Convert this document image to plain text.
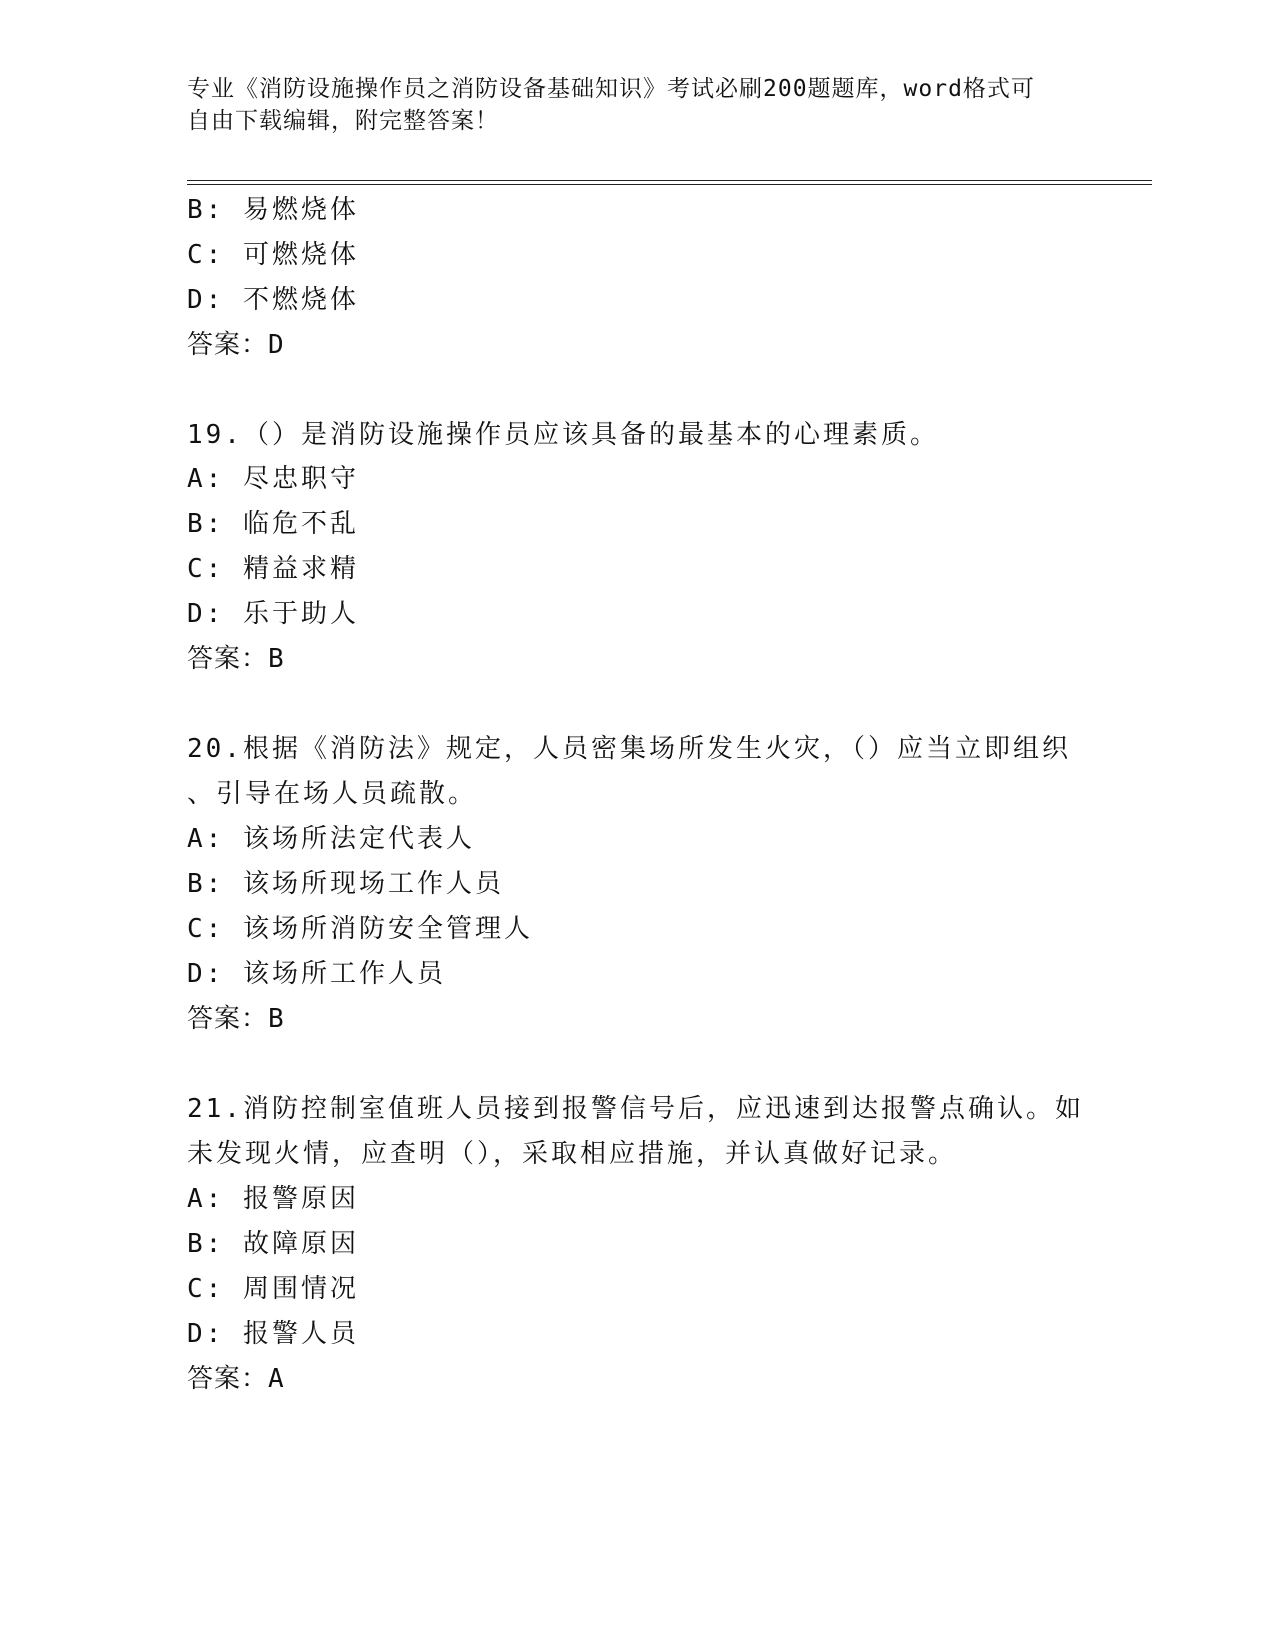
专业《消防设施操作员之消防设备基础知识》考试必刷200题题库，word格式可
自由下载编辑，附完整答案！
B: 易燃烧体
C: 可燃烧体
D: 不燃烧体
答案：D
19.（）是消防设施操作员应该具备的最基本的心理素质。
A: 尽忠职守
B: 临危不乱
C: 精益求精
D: 乐于助人
答案：B
20.根据《消防法》规定，人员密集场所发生火灾，（）应当立即组织
、引导在场人员疏散。
A: 该场所法定代表人
B: 该场所现场工作人员
C: 该场所消防安全管理人
D: 该场所工作人员
答案：B
21.消防控制室值班人员接到报警信号后，应迅速到达报警点确认。如
未发现火情，应查明（），采取相应措施，并认真做好记录。
A: 报警原因
B: 故障原因
C: 周围情况
D: 报警人员
答案：A
